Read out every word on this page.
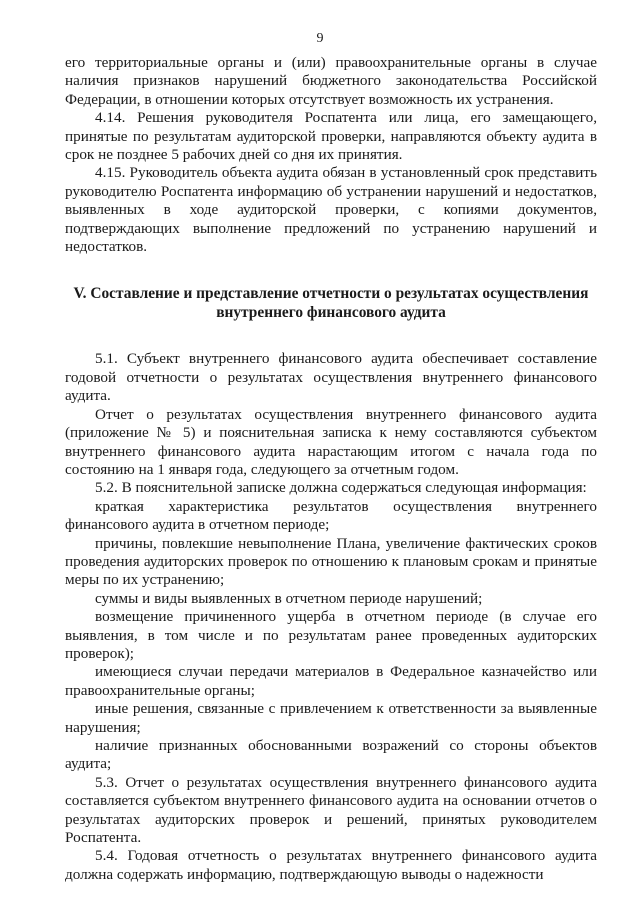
9

его территориальные органы и (или) правоохранительные органы в случае наличия признаков нарушений бюджетного законодательства Российской Федерации, в отношении которых отсутствует возможность их устранения.

4.14. Решения руководителя Роспатента или лица, его замещающего, принятые по результатам аудиторской проверки, направляются объекту аудита в срок не позднее 5 рабочих дней со дня их принятия.

4.15. Руководитель объекта аудита обязан в установленный срок представить руководителю Роспатента информацию об устранении нарушений и недостатков, выявленных в ходе аудиторской проверки, с копиями документов, подтверждающих выполнение предложений по устранению нарушений и недостатков.

V. Составление и представление отчетности о результатах осуществления
внутреннего финансового аудита

5.1. Субъект внутреннего финансового аудита обеспечивает составление годовой отчетности о результатах осуществления внутреннего финансового аудита.

Отчет о результатах осуществления внутреннего финансового аудита (приложение № 5) и пояснительная записка к нему составляются субъектом внутреннего финансового аудита нарастающим итогом с начала года по состоянию на 1 января года, следующего за отчетным годом.

5.2. В пояснительной записке должна содержаться следующая информация:

краткая характеристика результатов осуществления внутреннего финансового аудита в отчетном периоде;

причины, повлекшие невыполнение Плана, увеличение фактических сроков проведения аудиторских проверок по отношению к плановым срокам и принятые меры по их устранению;

суммы и виды выявленных в отчетном периоде нарушений;

возмещение причиненного ущерба в отчетном периоде (в случае его выявления, в том числе и по результатам ранее проведенных аудиторских проверок);

имеющиеся случаи передачи материалов в Федеральное казначейство или правоохранительные органы;

иные решения, связанные с привлечением к ответственности за выявленные нарушения;

наличие признанных обоснованными возражений со стороны объектов аудита;

5.3. Отчет о результатах осуществления внутреннего финансового аудита составляется субъектом внутреннего финансового аудита на основании отчетов о результатах аудиторских проверок и решений, принятых руководителем Роспатента.

5.4. Годовая отчетность о результатах внутреннего финансового аудита должна содержать информацию, подтверждающую выводы о надежности
